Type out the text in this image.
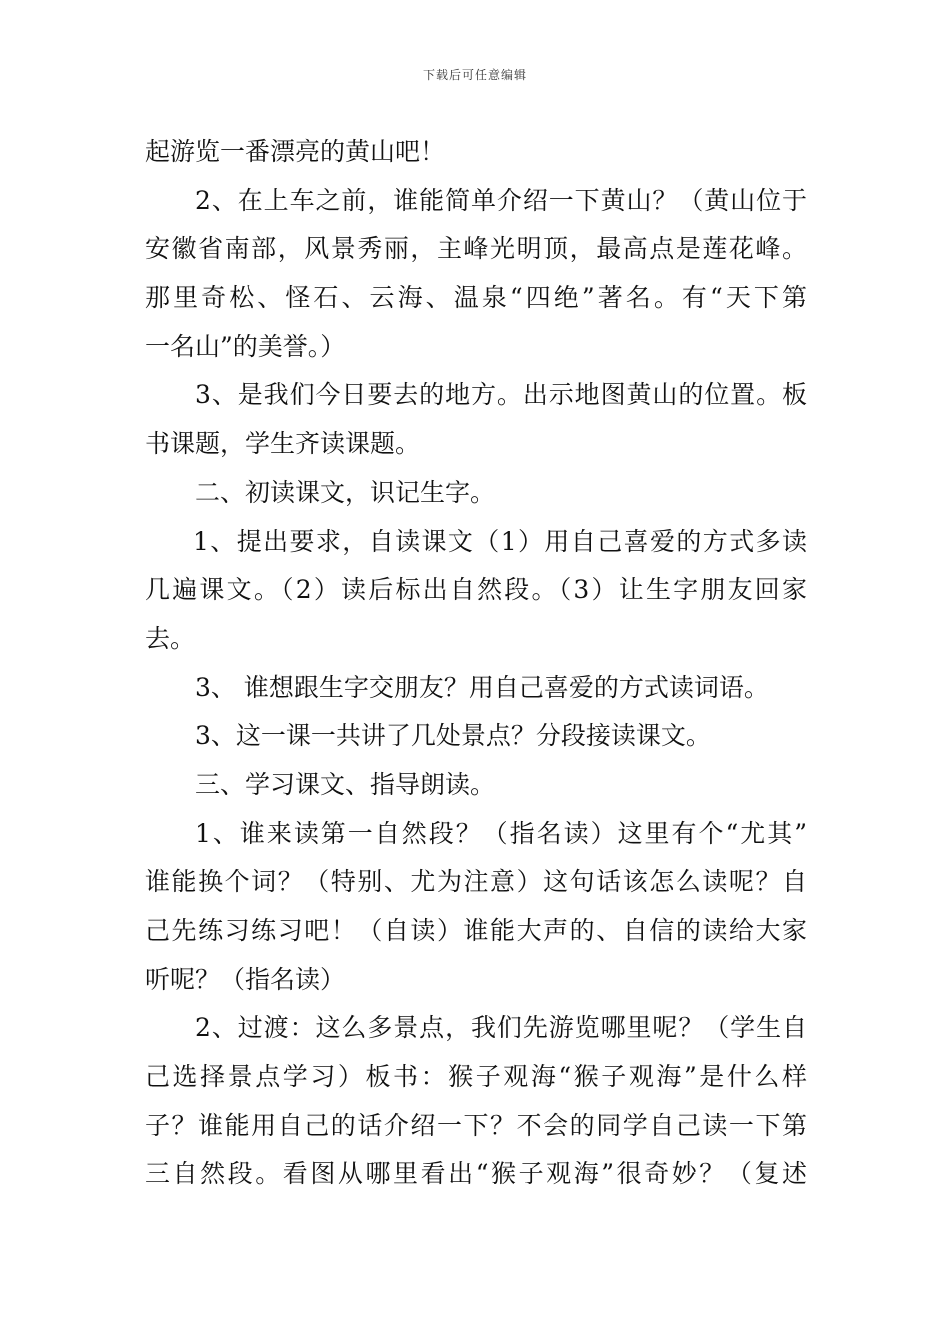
下载后可任意编辑
起游览一番漂亮的黄山吧！
2、在上车之前，谁能简单介绍一下黄山？（黄山位于
安徽省南部，风景秀丽，主峰光明顶，最高点是莲花峰。
那里奇松、怪石、云海、温泉“四绝”著名。有“天下第
一名山”的美誉。）
3、是我们今日要去的地方。出示地图黄山的位置。板
书课题，学生齐读课题。
二、初读课文，识记生字。
1、提出要求，自读课文（1）用自己喜爱的方式多读
几遍课文。（2）读后标出自然段。（3）让生字朋友回家
去。
3、 谁想跟生字交朋友？用自己喜爱的方式读词语。
3、这一课一共讲了几处景点？分段接读课文。
三、学习课文、指导朗读。
1、谁来读第一自然段？（指名读）这里有个“尤其”
谁能换个词？（特别、尤为注意）这句话该怎么读呢？自
己先练习练习吧！（自读）谁能大声的、自信的读给大家
听呢？（指名读）
2、过渡：这么多景点，我们先游览哪里呢？（学生自
己选择景点学习）板书：猴子观海“猴子观海”是什么样
子？谁能用自己的话介绍一下？不会的同学自己读一下第
三自然段。看图从哪里看出“猴子观海”很奇妙？（复述
